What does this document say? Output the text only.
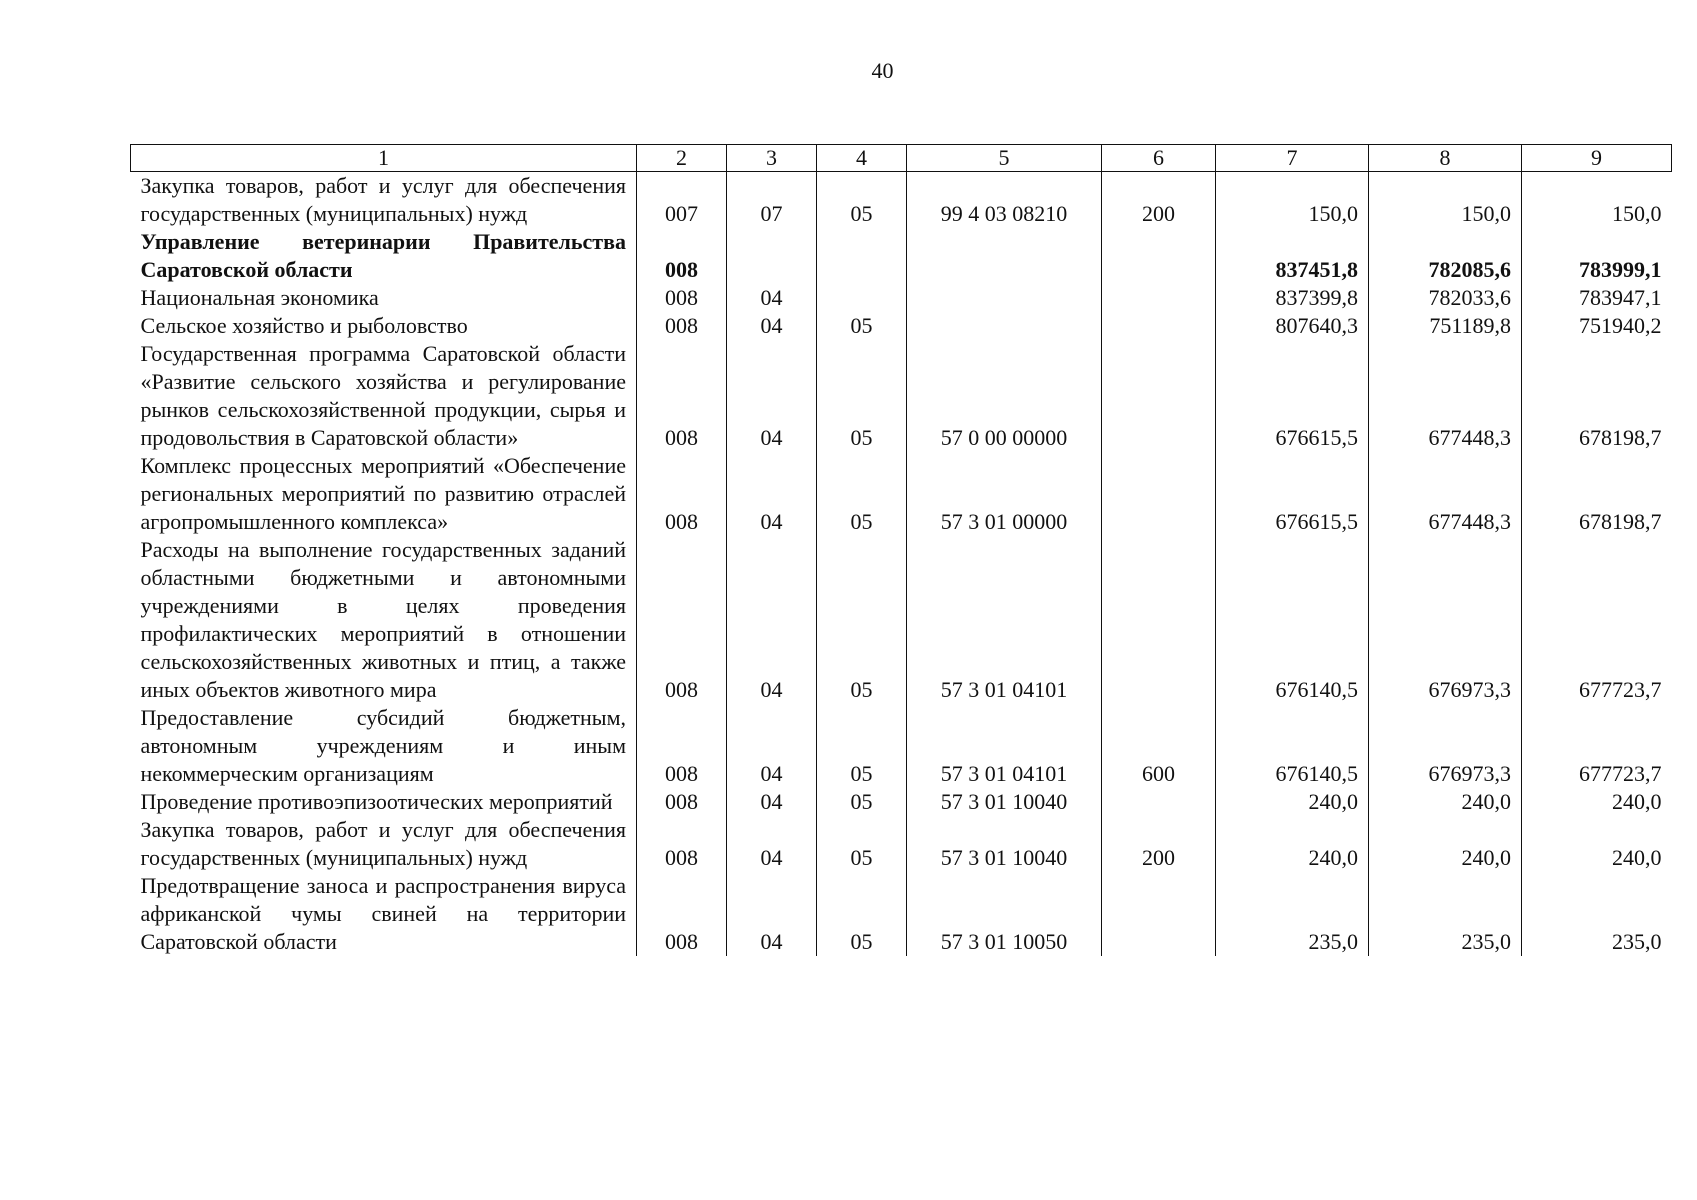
40
1	2	3	4	5	6	7	8	9
Закупка товаров, работ и услуг для обеспечения государственных (муниципальных) нужд	007	07	05	99 4 03 08210	200	150,0	150,0	150,0
Управление ветеринарии Правительства Саратовской области	008					837451,8	782085,6	783999,1
Национальная экономика	008	04				837399,8	782033,6	783947,1
Сельское хозяйство и рыболовство	008	04	05			807640,3	751189,8	751940,2
Государственная программа Саратовской области «Развитие сельского хозяйства и регулирование рынков сельскохозяйственной продукции, сырья и продовольствия в Саратовской области»	008	04	05	57 0 00 00000		676615,5	677448,3	678198,7
Комплекс процессных мероприятий «Обеспечение региональных мероприятий по развитию отраслей агропромышленного комплекса»	008	04	05	57 3 01 00000		676615,5	677448,3	678198,7
Расходы на выполнение государственных заданий областными бюджетными и автономными учреждениями в целях проведения профилактических мероприятий в отношении сельскохозяйственных животных и птиц, а также иных объектов животного мира	008	04	05	57 3 01 04101		676140,5	676973,3	677723,7
Предоставление субсидий бюджетным, автономным учреждениям и иным некоммерческим организациям	008	04	05	57 3 01 04101	600	676140,5	676973,3	677723,7
Проведение противоэпизоотических мероприятий	008	04	05	57 3 01 10040		240,0	240,0	240,0
Закупка товаров, работ и услуг для обеспечения государственных (муниципальных) нужд	008	04	05	57 3 01 10040	200	240,0	240,0	240,0
Предотвращение заноса и распространения вируса африканской чумы свиней на территории Саратовской области	008	04	05	57 3 01 10050		235,0	235,0	235,0
